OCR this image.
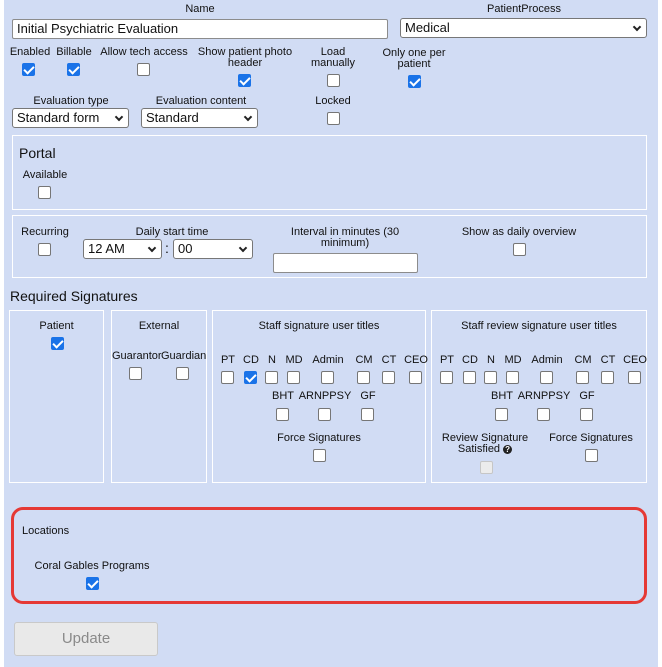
Name
Initial Psychiatric Evaluation
PatientProcess
Medical
Enabled Billable Allow tech access Show patient photo header
Load manually
Only one per patient
Evaluation type
Standard form
Evaluation content
Standard
Locked
Portal
Available
Recurring	Daily start time
12 AM	: 00
Interval in minutes (30 minimum)
Show as daily overview
Required Signatures
Patient	External
Guarantor Guardian
Staff signature user titles
PT CD N MD Admin	CM CT CEO
BHT ARNPPSY GF
Force Signatures
Staff review signature user titles
PT CD N MD Admin	CM CT CEO
BHT ARNPPSY GF
Review Signature Satisfied ?
Force Signatures
Locations
Coral Gables Programs
Update
